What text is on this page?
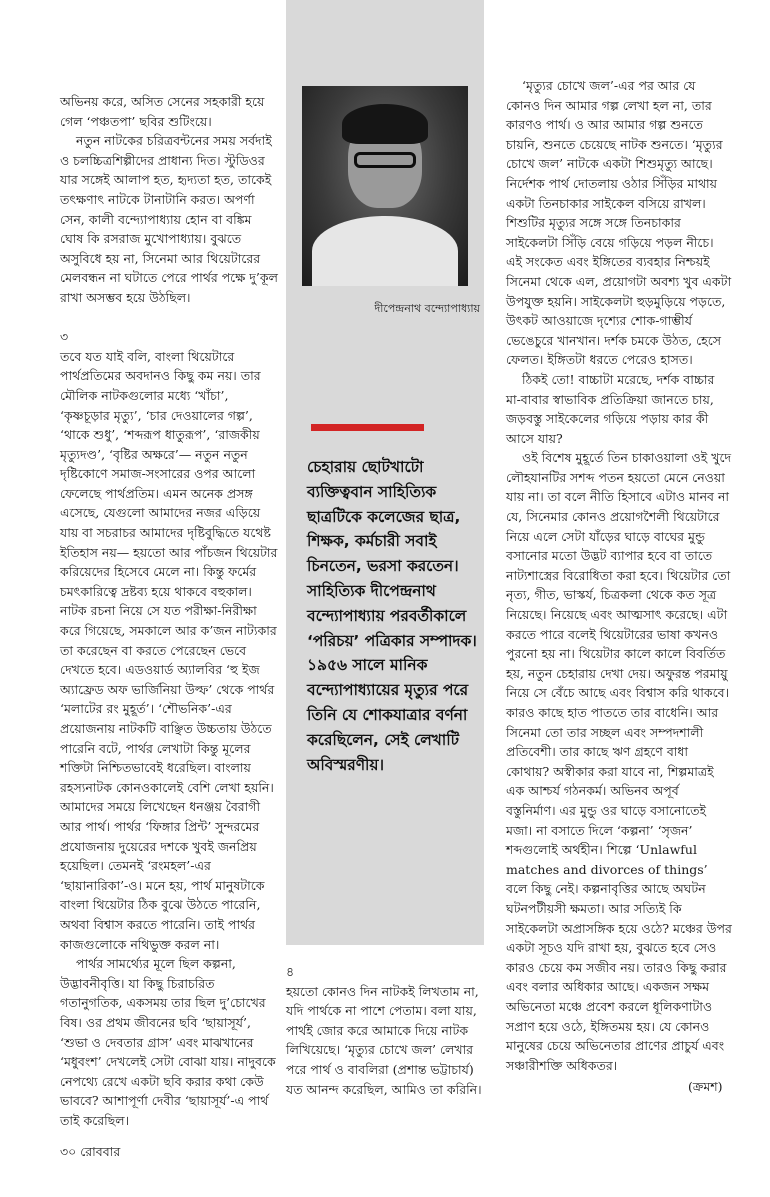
অভিনয় করে, অসিত সেনের সহকারী হয়ে গেল ‘পঞ্চতপা’ ছবির শুটিংয়ে।

নতুন নাটকের চরিত্রবন্টনের সময় সর্বদাই ও চলচ্চিত্রশিল্পীদের প্রাধান্য দিত। স্টুডিওর যার সঙ্গেই আলাপ হত, হৃদ্যতা হত, তাকেই তৎক্ষণাৎ নাটকে টানাটানি করত। অপর্ণা সেন, কালী বন্দ্যোপাধ্যায় হোন বা বঙ্কিম ঘোষ কি রসরাজ মুখোপাধ্যায়। বুঝতে অসুবিধে হয় না, সিনেমা আর থিয়েটারের মেলবন্ধন না ঘটাতে পেরে পার্থর পক্ষে দু’কূল রাখা অসম্ভব হয়ে উঠছিল।

৩

তবে যত যাই বলি, বাংলা থিয়েটারে পার্থপ্রতিমের অবদানও কিছু কম নয়। তার মৌলিক নাটকগুলোর মধ্যে ‘খাঁচা’, ‘কৃষ্ণচূড়ার মৃত্যু’, ‘চার দেওয়ালের গল্প’, ‘থাকে শুধু’, ‘শব্দরূপ ধাতুরূপ’, ‘রাজকীয় মৃত্যুদণ্ড’, ‘বৃষ্টির অক্ষরে’— নতুন নতুন দৃষ্টিকোণে সমাজ-সংসারের ওপর আলো ফেলেছে পার্থপ্রতিম। এমন অনেক প্রসঙ্গ এসেছে, যেগুলো আমাদের নজর এড়িয়ে যায় বা সচরাচর আমাদের দৃষ্টিবুদ্ধিতে যথেষ্ট ইতিহাস নয়— হয়তো আর পাঁচজন থিয়েটার করিয়েদের হিসেবে মেলে না। কিন্তু ফর্মের চমৎকারিত্বে দ্রষ্টব্য হয়ে থাকবে বহুকাল। নাটক রচনা নিয়ে সে যত পরীক্ষা-নিরীক্ষা করে গিয়েছে, সমকালে আর ক’জন নাট্যকার তা করেছেন বা করতে পেরেছেন ভেবে দেখতে হবে। এডওয়ার্ড অ্যালবির ‘হু ইজ অ্যাফ্রেড অফ ভার্জিনিয়া উল্ফ’ থেকে পার্থর ‘মলাটের রং মুহূর্ত’। ‘শৌভনিক’-এর প্রয়োজনায় নাটকটি বাঞ্ছিত উচ্চতায় উঠতে পারেনি বটে, পার্থর লেখাটা কিন্তু মূলের শক্তিটা নিশ্চিতভাবেই ধরেছিল। বাংলায় রহস্যনাটক কোনওকালেই বেশি লেখা হয়নি। আমাদের সময়ে লিখেছেন ধনঞ্জয় বৈরাগী আর পার্থ। পার্থর ‘ফিঙ্গার প্রিন্ট’ সুন্দরমের প্রযোজনায় দুয়েরের দশকে খুবই জনপ্রিয় হয়েছিল। তেমনই ‘রংমহল’-এর ‘ছায়ানারিকা’-ও। মনে হয়, পার্থ মানুষটাকে বাংলা থিয়েটার ঠিক বুঝে উঠতে পারেনি, অথবা বিশ্বাস করতে পারেনি। তাই পার্থর কাজগুলোকে নথিভুক্ত করল না।

পার্থর সামর্থ্যের মূলে ছিল কল্পনা, উদ্ভাবনীবৃত্তি। যা কিছু চিরাচরিত গতানুগতিক, একসময় তার ছিল দু’চোখের বিষ। ওর প্রথম জীবনের ছবি ‘ছায়াসূর্য’, ‘শুভা ও দেবতার গ্রাস’ এবং মাঝখানের ‘মধুবংশ’ দেখলেই সেটা বোঝা যায়। নাদুবকে নেপথ্যে রেখে একটা ছবি করার কথা কেউ ভাববে? আশাপূর্ণা দেবীর ‘ছায়াসূর্য’-এ পার্থ তাই করেছিল।

দীপেন্দ্রনাথ বন্দ্যোপাধ্যায়
চেহারায় ছোটখাটো ব্যক্তিত্ববান সাহিত্যিক ছাত্রটিকে কলেজের ছাত্র, শিক্ষক, কর্মচারী সবাই চিনতেন, ভরসা করতেন। সাহিত্যিক দীপেন্দ্রনাথ বন্দ্যোপাধ্যায় পরবর্তীকালে ‘পরিচয়’ পত্রিকার সম্পাদক। ১৯৫৬ সালে মানিক বন্দ্যোপাধ্যায়ের মৃত্যুর পরে তিনি যে শোকযাত্রার বর্ণনা করেছিলেন, সেই লেখাটি অবিস্মরণীয়।

৪

হয়তো কোনও দিন নাটকই লিখতাম না, যদি পার্থকে না পাশে পেতাম। বলা যায়, পার্থই জোর করে আমাকে দিয়ে নাটক লিখিয়েছে। ‘মৃত্যুর চোখে জল’ লেখার পরে পার্থ ও বাবলিরা (প্রশান্ত ভট্টাচার্য) যত আনন্দ করেছিল, আমিও তা করিনি।

‘মৃত্যুর চোখে জল’-এর পর আর যে কোনও দিন আমার গল্প লেখা হল না, তার কারণও পার্থ। ও আর আমার গল্প শুনতে চায়নি, শুনতে চেয়েছে নাটক শুনতে। ‘মৃত্যুর চোখে জল’ নাটকে একটা শিশুমৃত্যু আছে। নির্দেশক পার্থ দোতলায় ওঠার সিঁড়ির মাথায় একটা তিনচাকার সাইকেল বসিয়ে রাখল। শিশুটির মৃত্যুর সঙ্গে সঙ্গে তিনচাকার সাইকেলটা সিঁড়ি বেয়ে গড়িয়ে পড়ল নীচে। এই সংকেত এবং ইঙ্গিতের ব্যবহার নিশ্চয়ই সিনেমা থেকে এল, প্রয়োগটা অবশ্য খুব একটা উপযুক্ত হয়নি। সাইকেলটা হুড়মুড়িয়ে পড়তে, উৎকট আওয়াজে দৃশ্যের শোক-গাম্ভীর্য ভেঙেচুরে খানখান। দর্শক চমকে উঠত, হেসে ফেলত। ইঙ্গিতটা ধরতে পেরেও হাসত।

ঠিকই তো! বাচ্চাটা মরেছে, দর্শক বাচ্চার মা-বাবার স্বাভাবিক প্রতিক্রিয়া জানতে চায়, জড়বস্তু সাইকেলের গড়িয়ে পড়ায় কার কী আসে যায়?

ওই বিশেষ মুহূর্তে তিন চাকাওয়ালা ওই খুদে লৌহযানটির সশব্দ পতন হয়তো মেনে নেওয়া যায় না। তা বলে নীতি হিসাবে এটাও মানব না যে, সিনেমার কোনও প্রয়োগশৈলী থিয়েটারে নিয়ে এলে সেটা যাঁড়ের ঘাড়ে বাঘের মুন্ডু বসানোর মতো উদ্ভট ব্যাপার হবে বা তাতে নাট্যশাস্ত্রের বিরোধিতা করা হবে। থিয়েটার তো নৃত্য, গীত, ভাস্কর্য, চিত্রকলা থেকে কত সূত্র নিয়েছে। নিয়েছে এবং আত্মসাৎ করেছে। এটা করতে পারে বলেই থিয়েটারের ভাষা কখনও পুরনো হয় না। থিয়েটার কালে কালে বিবর্তিত হয়, নতুন চেহারায় দেখা দেয়। অফুরন্ত পরমায়ু নিয়ে সে বেঁচে আছে এবং বিশ্বাস করি থাকবে। কারও কাছে হাত পাততে তার বাধেনি। আর সিনেমা তো তার সচ্ছল এবং সম্পদশালী প্রতিবেশী। তার কাছে ঋণ গ্রহণে বাধা কোথায়? অস্বীকার করা যাবে না, শিল্পমাত্রই এক আশ্চর্য গঠনকর্ম। অভিনব অপূর্ব বস্তুনির্মাণ। এর মুন্ডু ওর ঘাড়ে বসানোতেই মজা। না বসাতে দিলে ‘কল্পনা’ ‘সৃজন’ শব্দগুলোই অর্থহীন। শিল্পে ‘Unlawful matches and divorces of things’ বলে কিছু নেই। কল্পনাবৃত্তির আছে অঘটন ঘটনপটীয়সী ক্ষমতা। আর সত্যিই কি সাইকেলটা অপ্রাসঙ্গিক হয়ে ওঠে? মঞ্চের উপর একটা সূচও যদি রাখা হয়, বুঝতে হবে সেও কারও চেয়ে কম সজীব নয়। তারও কিছু করার এবং বলার অধিকার আছে। একজন সক্ষম অভিনেতা মঞ্চে প্রবেশ করলে ধূলিকণাটাও সপ্রাণ হয়ে ওঠে, ইঙ্গিতময় হয়। যে কোনও মানুষের চেয়ে অভিনেতার প্রাণের প্রাচুর্য এবং সঞ্চারীশক্তি অধিকতর।

(ক্রমশ)
৩০ রোববার
